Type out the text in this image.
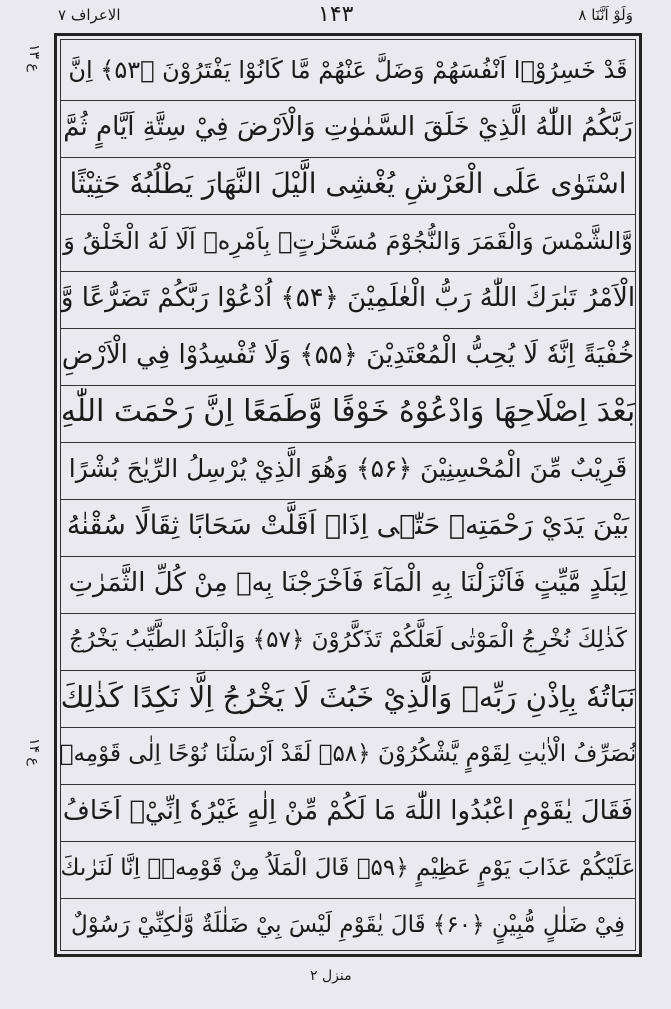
وَلَوْ اَنَّنَا ۸
۱۴۳
الاعراف ۷
ع ۱۳
ع ۱۴
قَدْ خَسِرُوْۤا اَنْفُسَهُمْ وَضَلَّ عَنْهُمْ مَّا كَانُوْا يَفْتَرُوْنَ ﴿۵۳﴾ اِنَّ
رَبَّكُمُ اللّٰهُ الَّذِيْ خَلَقَ السَّمٰوٰتِ وَالْاَرْضَ فِيْ سِتَّةِ اَيَّامٍ ثُمَّ
اسْتَوٰى عَلَى الْعَرْشِ يُغْشِى الَّيْلَ النَّهَارَ يَطْلُبُهٗ حَثِيْثًا
وَّالشَّمْسَ وَالْقَمَرَ وَالنُّجُوْمَ مُسَخَّرٰتٍۭ بِاَمْرِهٖ اَلَا لَهُ الْخَلْقُ وَ
الْاَمْرُ تَبٰرَكَ اللّٰهُ رَبُّ الْعٰلَمِيْنَ ﴿۵۴﴾ اُدْعُوْا رَبَّكُمْ تَضَرُّعًا وَّ
خُفْيَةً اِنَّهٗ لَا يُحِبُّ الْمُعْتَدِيْنَ ﴿۵۵﴾ وَلَا تُفْسِدُوْا فِي الْاَرْضِ
بَعْدَ اِصْلَاحِهَا وَادْعُوْهُ خَوْفًا وَّطَمَعًا اِنَّ رَحْمَتَ اللّٰهِ
قَرِيْبٌ مِّنَ الْمُحْسِنِيْنَ ﴿۵۶﴾ وَهُوَ الَّذِيْ يُرْسِلُ الرِّيٰحَ بُشْرًا
بَيْنَ يَدَيْ رَحْمَتِهٖ حَتّٰۤى اِذَاۤ اَقَلَّتْ سَحَابًا ثِقَالًا سُقْنٰهُ
لِبَلَدٍ مَّيِّتٍ فَاَنْزَلْنَا بِهِ الْمَآءَ فَاَخْرَجْنَا بِهٖ مِنْ كُلِّ الثَّمَرٰتِ
كَذٰلِكَ نُخْرِجُ الْمَوْتٰى لَعَلَّكُمْ تَذَكَّرُوْنَ ﴿۵۷﴾ وَالْبَلَدُ الطَّيِّبُ يَخْرُجُ
نَبَاتُهٗ بِاِذْنِ رَبِّهٖ وَالَّذِيْ خَبُثَ لَا يَخْرُجُ اِلَّا نَكِدًا كَذٰلِكَ
نُصَرِّفُ الْاٰيٰتِ لِقَوْمٍ يَّشْكُرُوْنَ ﴿۵۸﴾ لَقَدْ اَرْسَلْنَا نُوْحًا اِلٰى قَوْمِهٖ
فَقَالَ يٰقَوْمِ اعْبُدُوا اللّٰهَ مَا لَكُمْ مِّنْ اِلٰهٍ غَيْرُهٗ اِنِّيْۤ اَخَافُ
عَلَيْكُمْ عَذَابَ يَوْمٍ عَظِيْمٍ ﴿۵۹﴾ قَالَ الْمَلَاُ مِنْ قَوْمِهٖۤ اِنَّا لَنَرٰىكَ
فِيْ ضَلٰلٍ مُّبِيْنٍ ﴿۶۰﴾ قَالَ يٰقَوْمِ لَيْسَ بِيْ ضَلٰلَةٌ وَّلٰكِنِّيْ رَسُوْلٌ
منزل ۲
